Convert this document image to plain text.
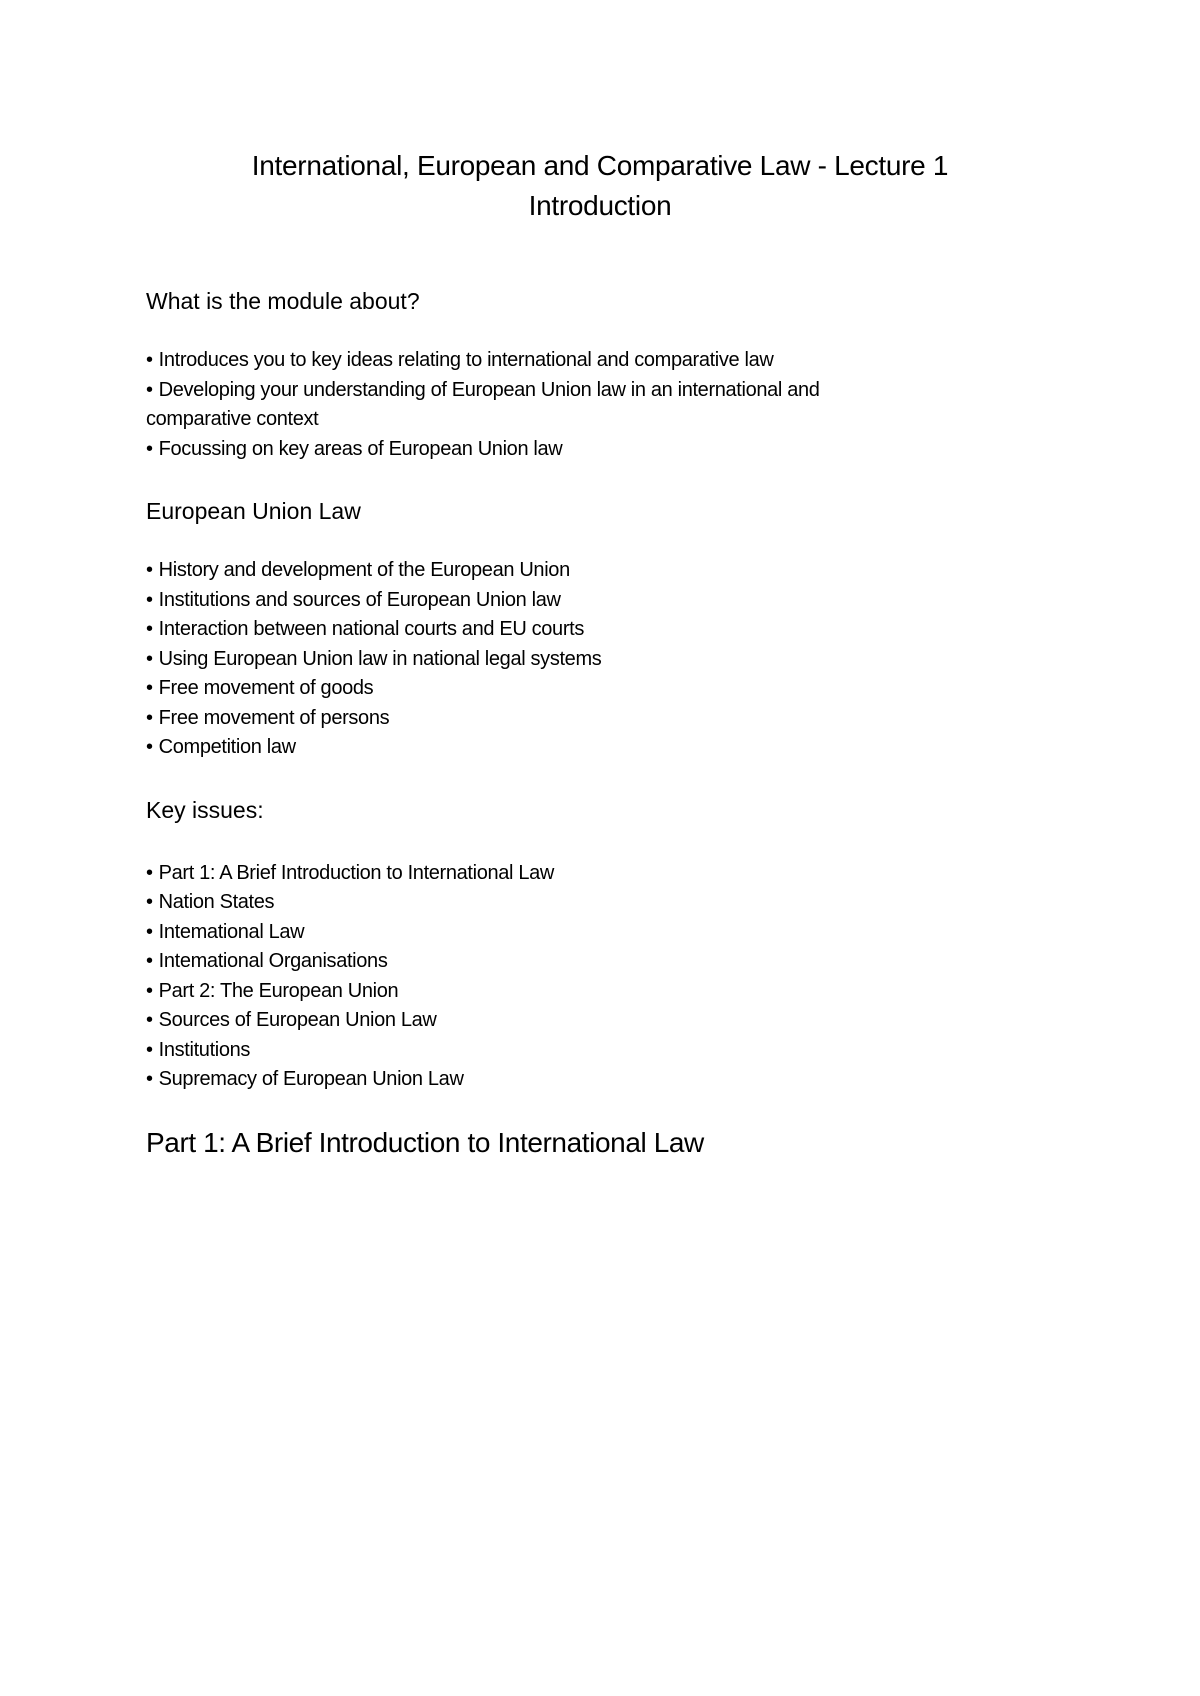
International, European and Comparative Law - Lecture 1
Introduction
What is the module about?
• Introduces you to key ideas relating to international and comparative law
• Developing your understanding of European Union law in an international and comparative context
• Focussing on key areas of European Union law
European Union Law
• History and development of the European Union
• Institutions and sources of European Union law
• Interaction between national courts and EU courts
• Using European Union law in national legal systems
• Free movement of goods
• Free movement of persons
• Competition law
Key issues:
• Part 1: A Brief Introduction to International Law
• Nation States
• Intemational Law
• Intemational Organisations
• Part 2: The European Union
• Sources of European Union Law
• Institutions
• Supremacy of European Union Law
Part 1: A Brief Introduction to International Law
